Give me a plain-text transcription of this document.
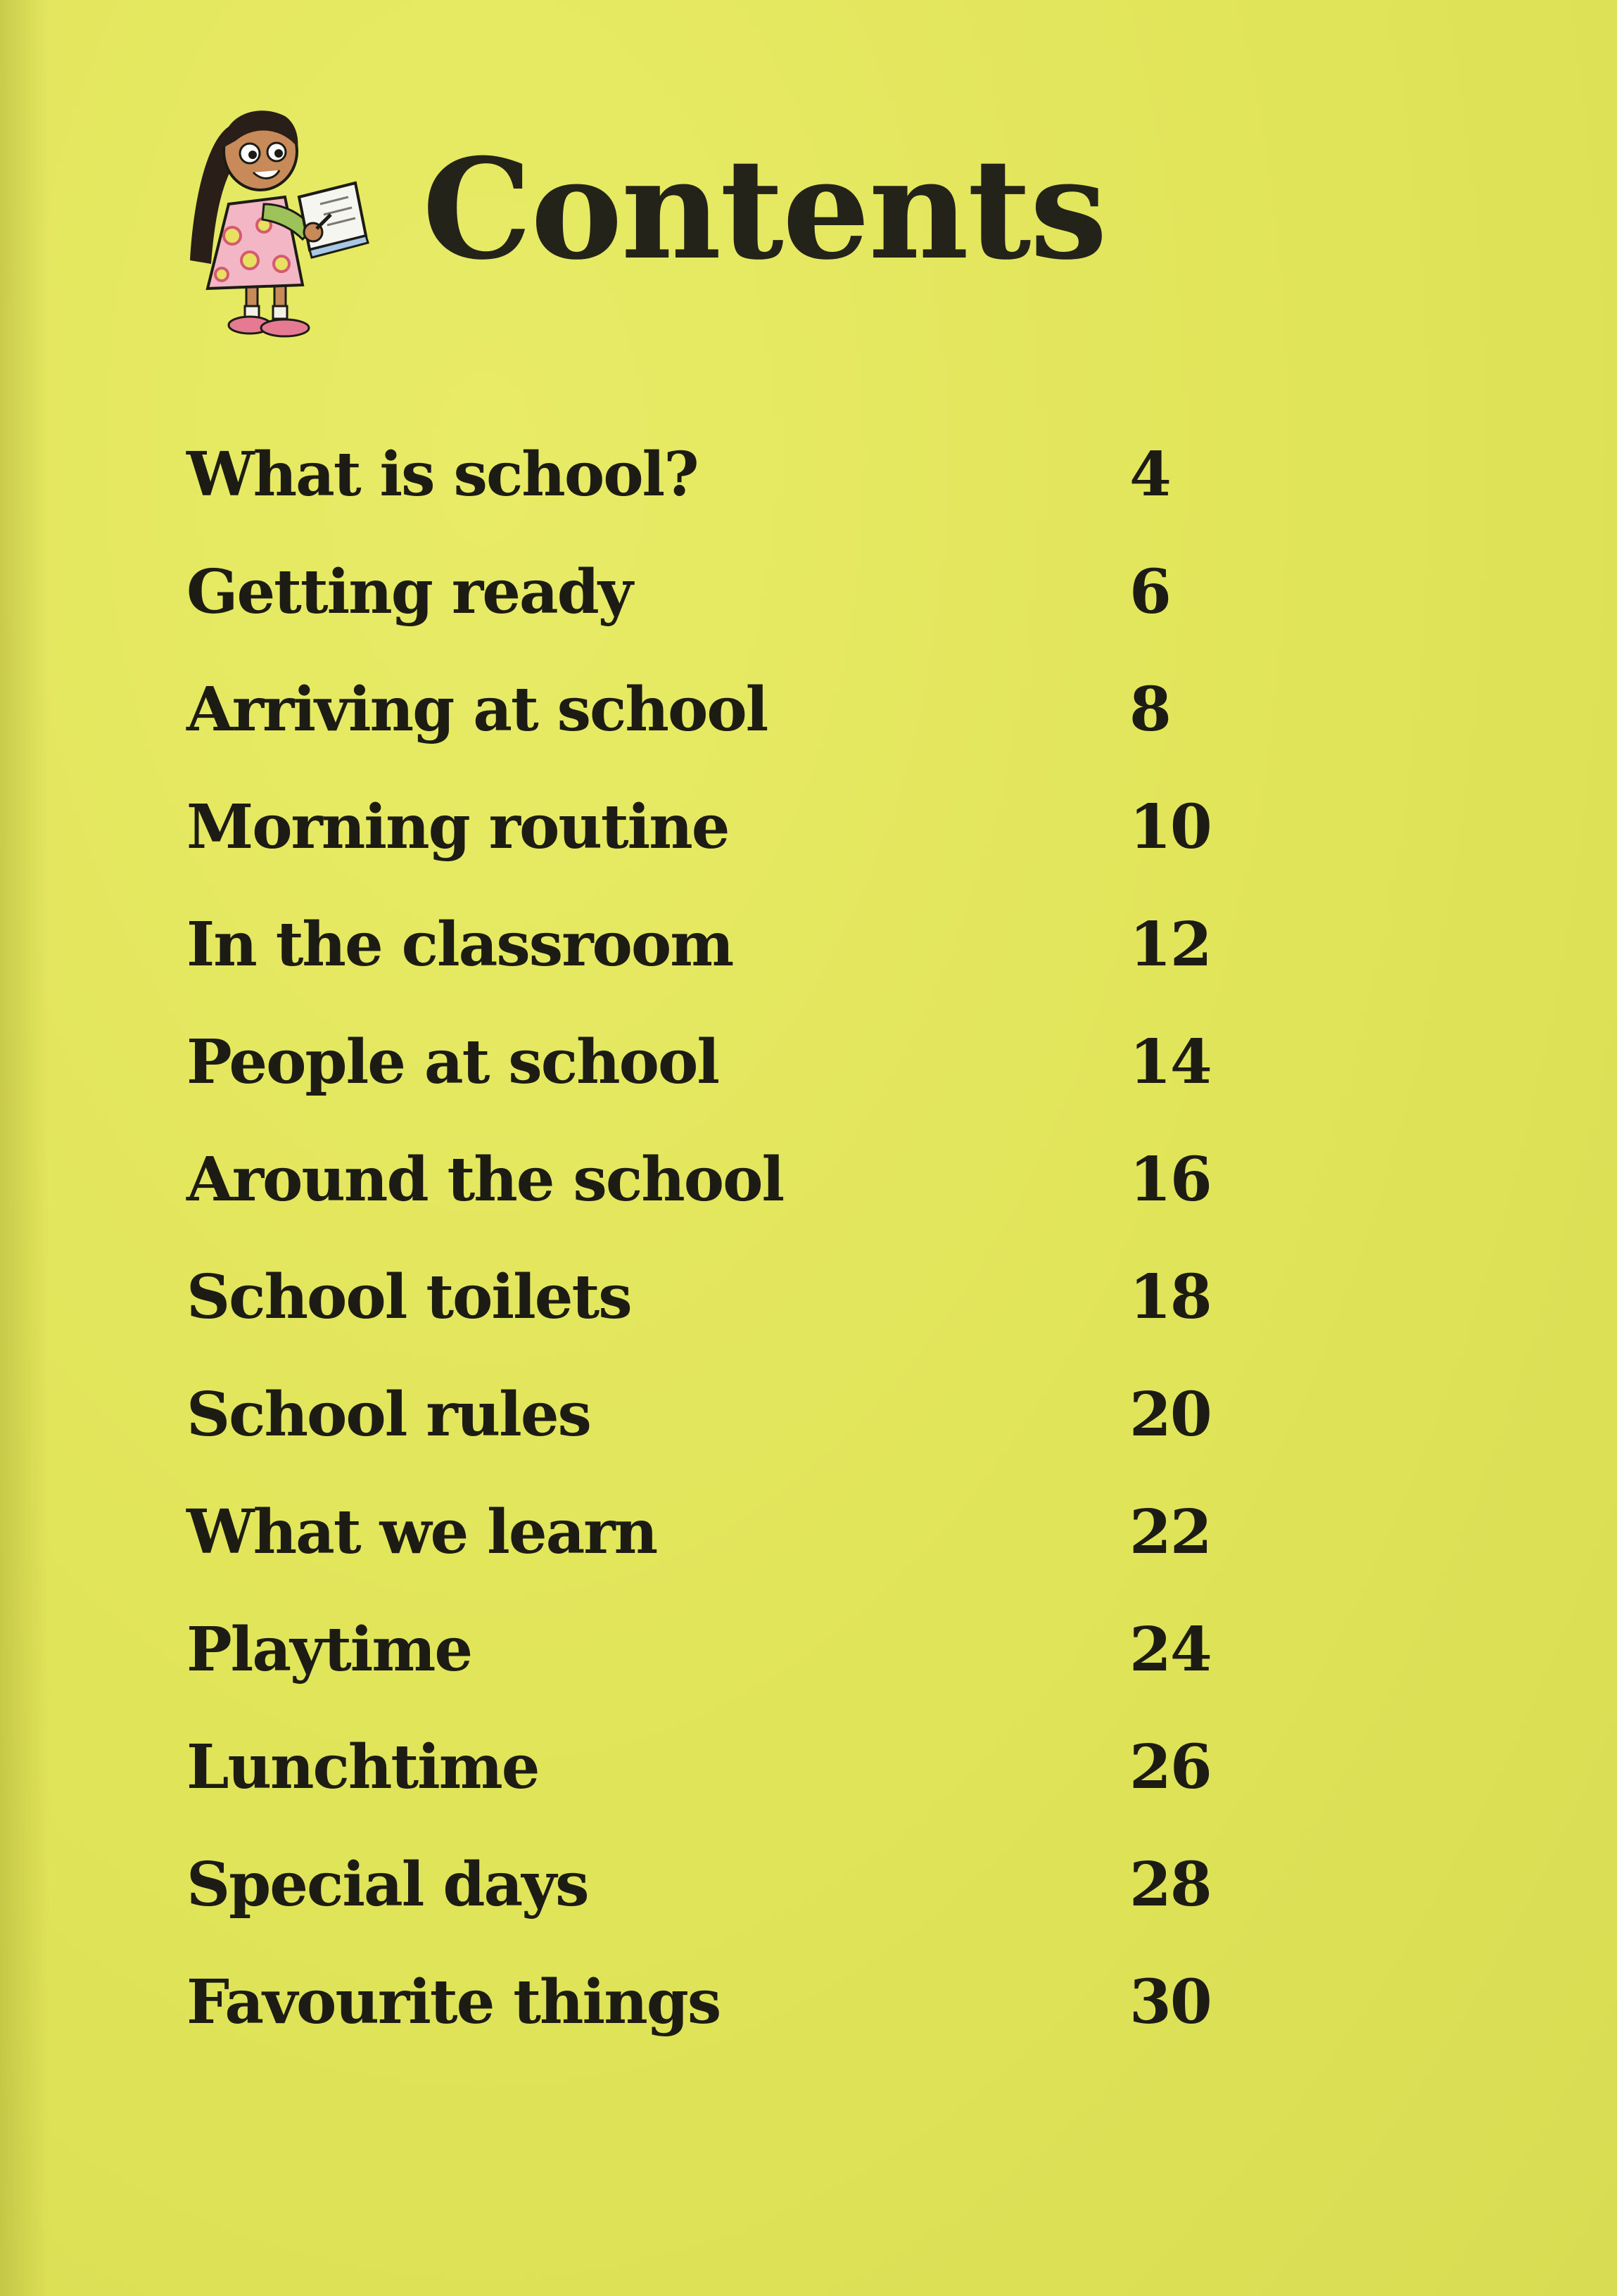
Contents
What is school?	4
Getting ready	6
Arriving at school	8
Morning routine	10
In the classroom	12
People at school	14
Around the school	16
School toilets	18
School rules	20
What we learn	22
Playtime	24
Lunchtime	26
Special days	28
Favourite things	30
